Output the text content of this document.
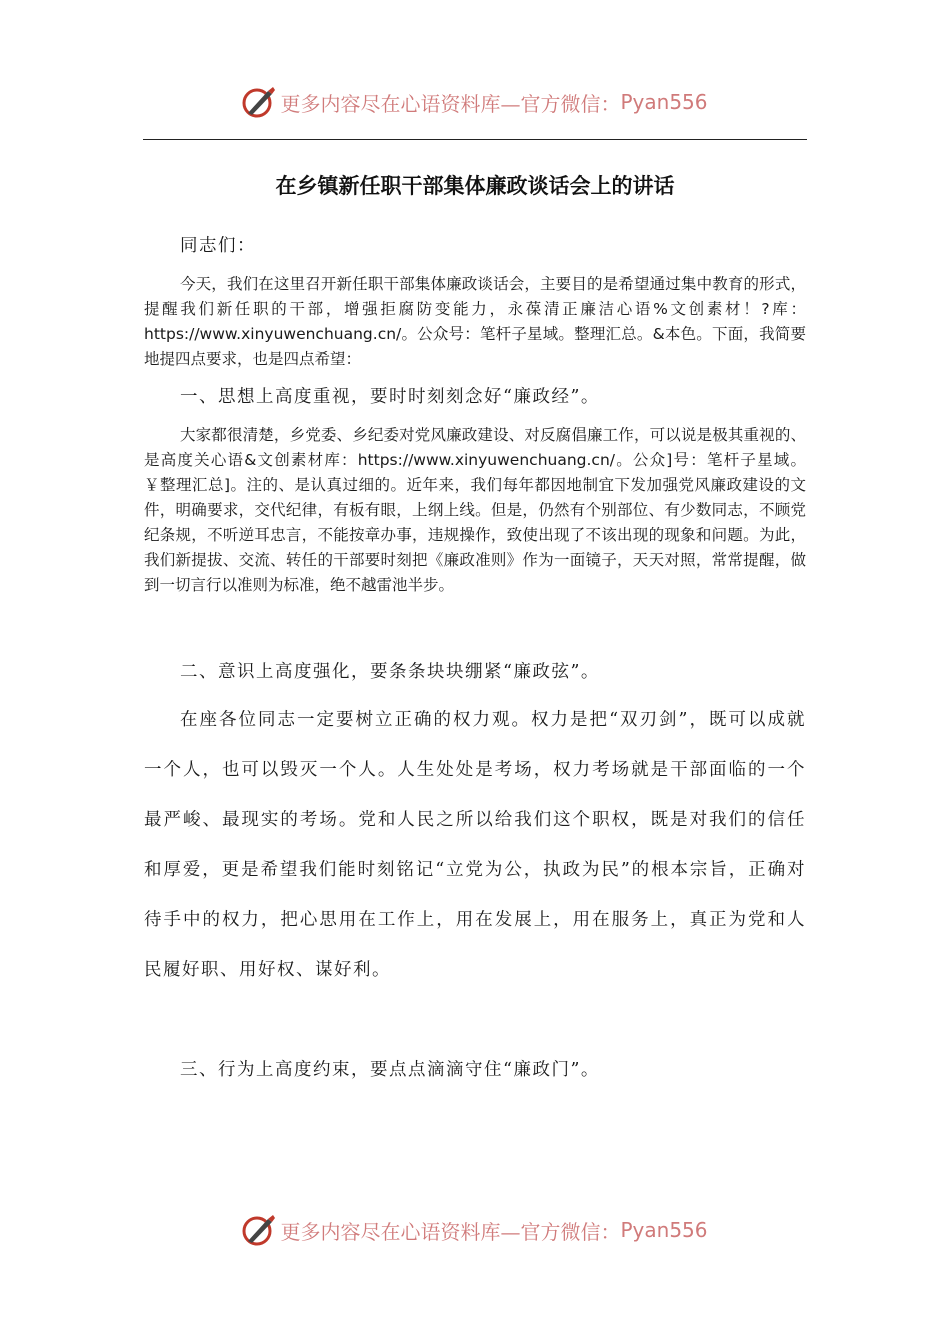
更多内容尽在心语资料库—官方微信： Pyan556
在乡镇新任职干部集体廉政谈话会上的讲话
同志们：
今天，我们在这里召开新任职干部集体廉政谈话会，主要目的是希望通过集中教育的形式，提醒我们新任职的干部，增强拒腐防变能力，永葆清正廉洁心语%文创素材！?库：https://www.xinyuwenchuang.cn/。公众号：笔杆子星域。整理汇总。&本色。下面，我简要地提四点要求，也是四点希望：
一、思想上高度重视，要时时刻刻念好“廉政经”。
大家都很清楚，乡党委、乡纪委对党风廉政建设、对反腐倡廉工作，可以说是极其重视的、是高度关心语&文创素材库：https://www.xinyuwenchuang.cn/。公众]号：笔杆子星域。￥整理汇总]。注的、是认真过细的。近年来，我们每年都因地制宜下发加强党风廉政建设的文件，明确要求，交代纪律，有板有眼，上纲上线。但是，仍然有个别部位、有少数同志，不顾党纪条规，不听逆耳忠言，不能按章办事，违规操作，致使出现了不该出现的现象和问题。为此，我们新提拔、交流、转任的干部要时刻把《廉政准则》作为一面镜子，天天对照，常常提醒，做到一切言行以准则为标准，绝不越雷池半步。
二、意识上高度强化，要条条块块绷紧“廉政弦”。
在座各位同志一定要树立正确的权力观。权力是把“双刃剑”，既可以成就一个人，也可以毁灭一个人。人生处处是考场，权力考场就是干部面临的一个最严峻、最现实的考场。党和人民之所以给我们这个职权，既是对我们的信任和厚爱，更是希望我们能时刻铭记“立党为公，执政为民”的根本宗旨，正确对待手中的权力，把心思用在工作上，用在发展上，用在服务上，真正为党和人民履好职、用好权、谋好利。
三、行为上高度约束，要点点滴滴守住“廉政门”。
更多内容尽在心语资料库—官方微信： Pyan556
